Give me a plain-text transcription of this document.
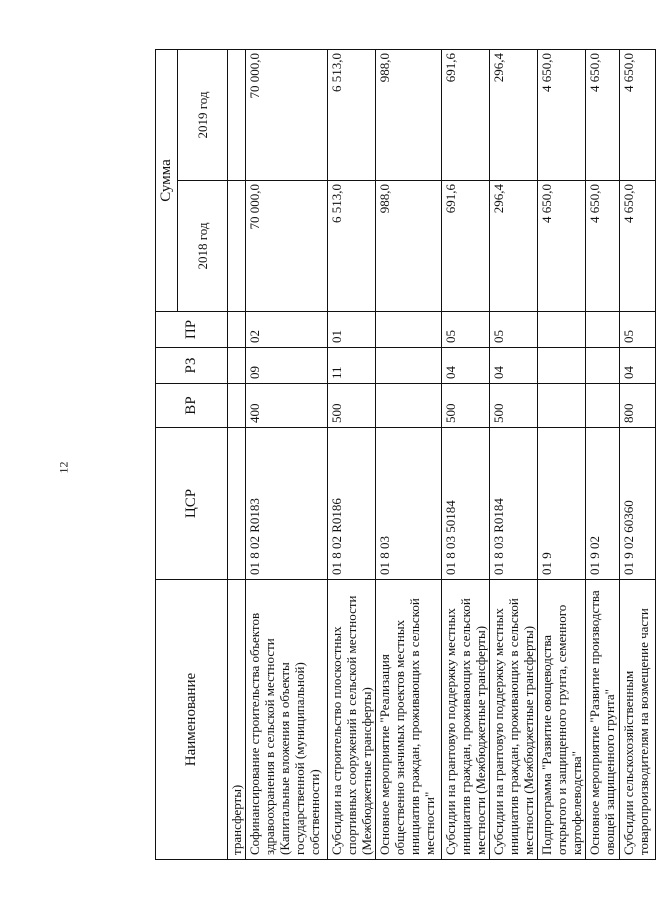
12
Наименование	ЦСР	ВР	РЗ	ПР	Сумма	
					2018 год	2019 год
трансферты)						
Софинансирование строительства объектов здравоохранения в сельской местности (Капитальные вложения в объекты государственной (муниципальной) собственности)	01 8 02 R0183	400	09	02	70 000,0	70 000,0
Субсидии на строительство плоскостных спортивных сооружений в сельской местности (Межбюджетные трансферты)	01 8 02 R0186	500	11	01	6 513,0	6 513,0
Основное мероприятие "Реализация общественно значимых проектов местных инициатив граждан, проживающих в сельской местности"	01 8 03				988,0	988,0
Субсидии на грантовую поддержку местных инициатив граждан, проживающих в сельской местности (Межбюджетные трансферты)	01 8 03 50184	500	04	05	691,6	691,6
Субсидии на грантовую поддержку местных инициатив граждан, проживающих в сельской местности (Межбюджетные трансферты)	01 8 03 R0184	500	04	05	296,4	296,4
Подпрограмма "Развитие овощеводства открытого и защищенного грунта, семенного картофелеводства"	01 9				4 650,0	4 650,0
Основное мероприятие "Развитие производства овощей защищенного грунта"	01 9 02				4 650,0	4 650,0
Субсидии сельскохозяйственным товаропроизводителям на возмещение части	01 9 02 60360	800	04	05	4 650,0	4 650,0
